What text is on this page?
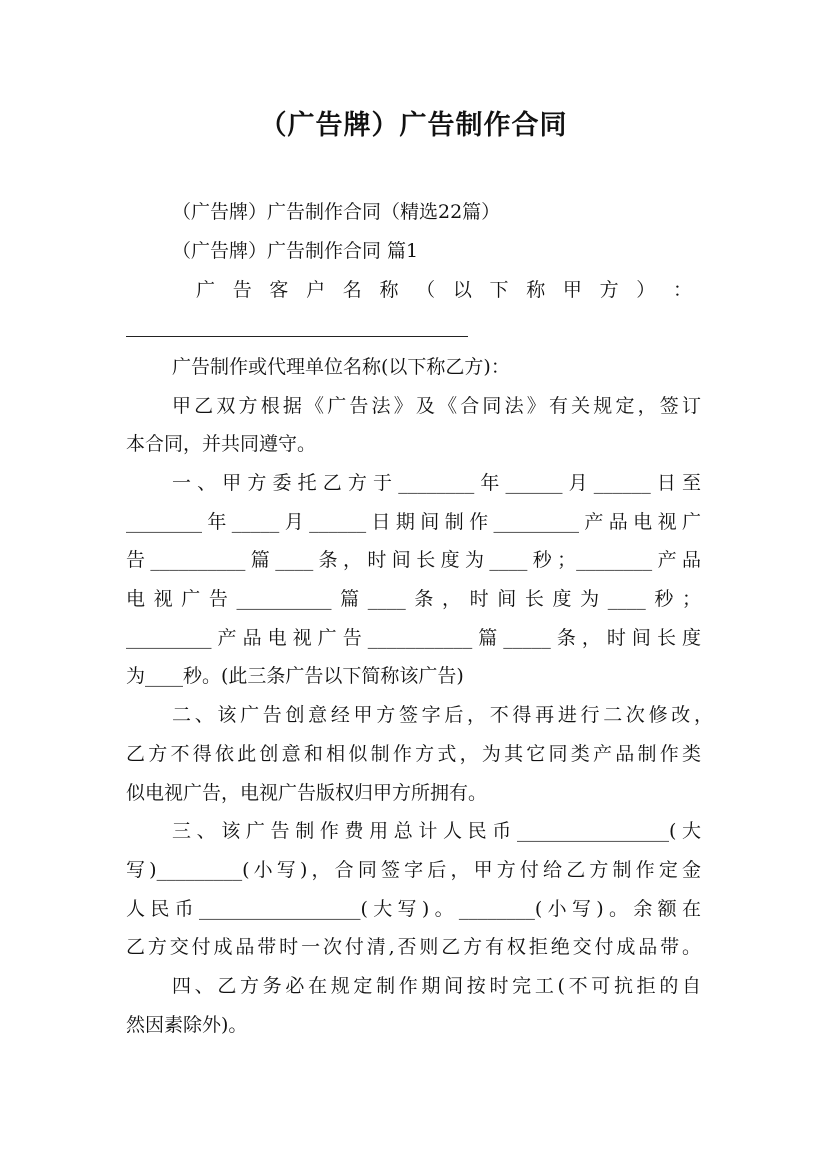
（广告牌）广告制作合同
（广告牌）广告制作合同（精选22篇）
（广告牌）广告制作合同 篇1
广 告 客 户 名 称 （ 以 下 称 甲 方 ） ：
广告制作或代理单位名称(以下称乙方)：
甲乙双方根据《广告法》及《合同法》有关规定，签订
本合同，并共同遵守。
一、甲方委托乙方于________年______月______日至
________年_____月______日期间制作_________产品电视广
告__________篇____条，时间长度为____秒；________产品
电视广告__________篇____条，时间长度为____秒；
_________产品电视广告___________篇_____条，时间长度
为____秒。(此三条广告以下简称该广告)
二、该广告创意经甲方签字后，不得再进行二次修改，
乙方不得依此创意和相似制作方式，为其它同类产品制作类
似电视广告，电视广告版权归甲方所拥有。
三、该广告制作费用总计人民币________________(大
写)_________(小写)，合同签字后，甲方付给乙方制作定金
人民币_________________(大写)。________(小写)。余额在
乙方交付成品带时一次付清,否则乙方有权拒绝交付成品带。
四、乙方务必在规定制作期间按时完工(不可抗拒的自
然因素除外)。
